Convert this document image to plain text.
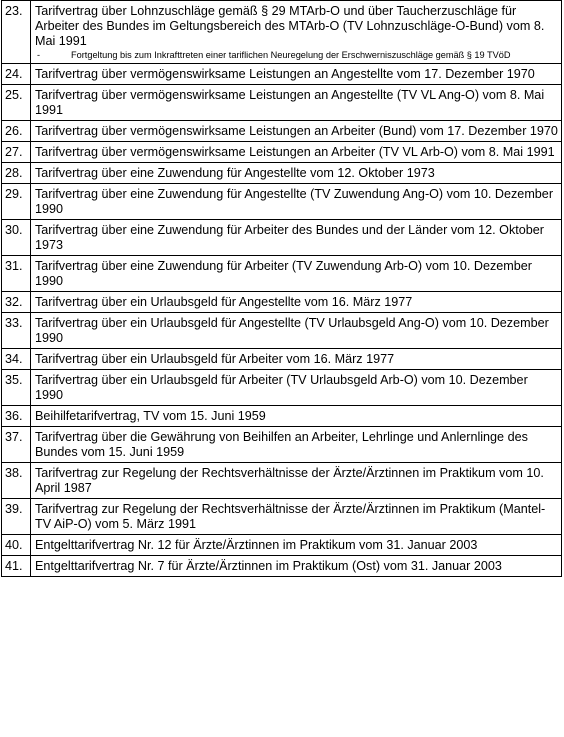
23.	Tarifvertrag über Lohnzuschläge gemäß § 29 MTArb-O und über Taucherzuschläge für Arbeiter des Bundes im Geltungsbereich des MTArb-O (TV Lohnzuschläge-O-Bund) vom 8. Mai 1991
- Fortgeltung bis zum Inkrafttreten einer tariflichen Neuregelung der Erschwerniszuschläge gemäß § 19 TVöD

24.	Tarifvertrag über vermögenswirksame Leistungen an Angestellte vom 17. Dezember 1970
25.	Tarifvertrag über vermögenswirksame Leistungen an Angestellte (TV VL Ang-O) vom 8. Mai 1991
26.	Tarifvertrag über vermögenswirksame Leistungen an Arbeiter (Bund) vom 17. Dezember 1970
27.	Tarifvertrag über vermögenswirksame Leistungen an Arbeiter (TV VL Arb-O) vom 8. Mai 1991
28.	Tarifvertrag über eine Zuwendung für Angestellte vom 12. Oktober 1973
29.	Tarifvertrag über eine Zuwendung für Angestellte (TV Zuwendung Ang-O) vom 10. Dezember 1990
30.	Tarifvertrag über eine Zuwendung für Arbeiter des Bundes und der Länder vom 12. Oktober 1973
31.	Tarifvertrag über eine Zuwendung für Arbeiter (TV Zuwendung Arb-O) vom 10. Dezember 1990
32.	Tarifvertrag über ein Urlaubsgeld für Angestellte vom 16. März 1977
33.	Tarifvertrag über ein Urlaubsgeld für Angestellte (TV Urlaubsgeld Ang-O) vom 10. Dezember 1990
34.	Tarifvertrag über ein Urlaubsgeld für Arbeiter vom 16. März 1977
35.	Tarifvertrag über ein Urlaubsgeld für Arbeiter (TV Urlaubsgeld Arb-O) vom 10. Dezember 1990
36.	Beihilfetarifvertrag, TV vom 15. Juni 1959
37.	Tarifvertrag über die Gewährung von Beihilfen an Arbeiter, Lehrlinge und Anlernlinge des Bundes vom 15. Juni 1959
38.	Tarifvertrag zur Regelung der Rechtsverhältnisse der Ärzte/Ärztinnen im Praktikum vom 10. April 1987
39.	Tarifvertrag zur Regelung der Rechtsverhältnisse der Ärzte/Ärztinnen im Praktikum (Mantel-TV AiP-O) vom 5. März 1991
40.	Entgelttarifvertrag Nr. 12 für Ärzte/Ärztinnen im Praktikum vom 31. Januar 2003
41.	Entgelttarifvertrag Nr. 7 für Ärzte/Ärztinnen im Praktikum (Ost) vom 31. Januar 2003
